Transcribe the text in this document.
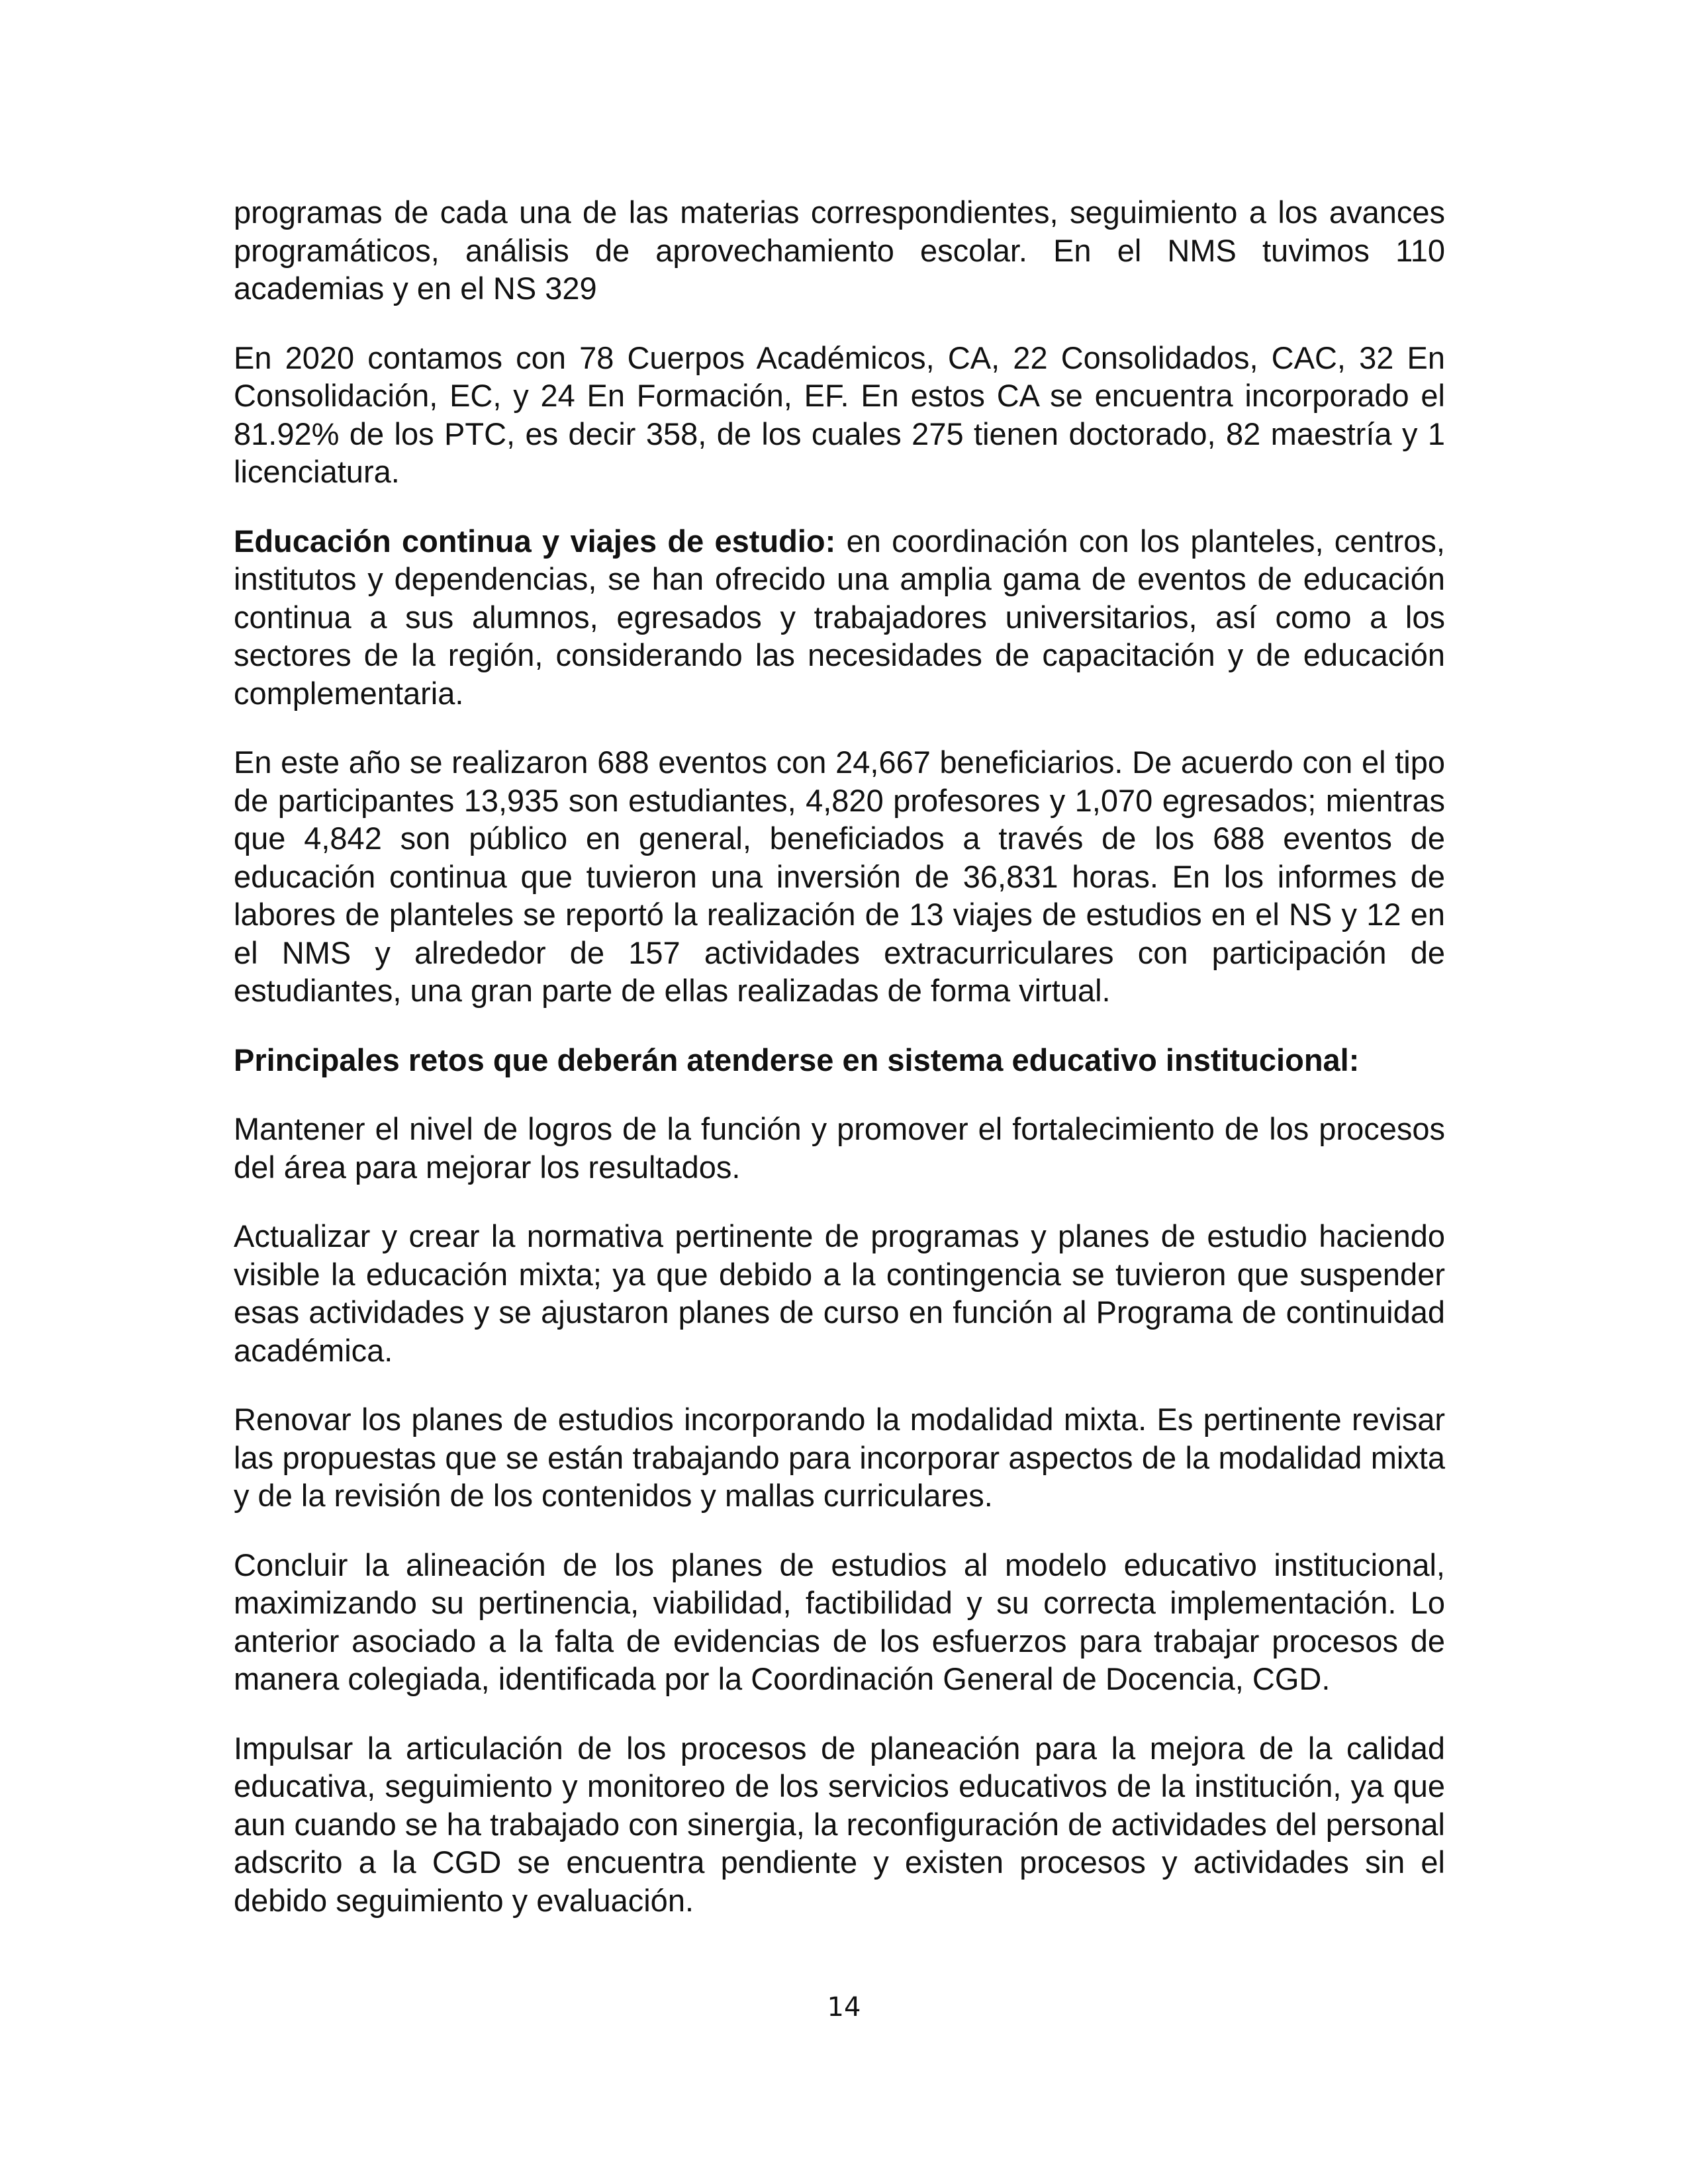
programas de cada una de las materias correspondientes, seguimiento a los avances programáticos, análisis de aprovechamiento escolar. En el NMS tuvimos 110 academias y en el NS 329

En 2020 contamos con 78 Cuerpos Académicos, CA, 22 Consolidados, CAC, 32 En Consolidación, EC, y 24 En Formación, EF. En estos CA se encuentra incorporado el 81.92% de los PTC, es decir 358, de los cuales 275 tienen doctorado, 82 maestría y 1 licenciatura.

Educación continua y viajes de estudio: en coordinación con los planteles, centros, institutos y dependencias, se han ofrecido una amplia gama de eventos de educación continua a sus alumnos, egresados y trabajadores universitarios, así como a los sectores de la región, considerando las necesidades de capacitación y de educación complementaria.

En este año se realizaron 688 eventos con 24,667 beneficiarios. De acuerdo con el tipo de participantes 13,935 son estudiantes, 4,820 profesores y 1,070 egresados; mientras que 4,842 son público en general, beneficiados a través de los 688 eventos de educación continua que tuvieron una inversión de 36,831 horas. En los informes de labores de planteles se reportó la realización de 13 viajes de estudios en el NS y 12 en el NMS y alrededor de 157 actividades extracurriculares con participación de estudiantes, una gran parte de ellas realizadas de forma virtual.

Principales retos que deberán atenderse en sistema educativo institucional:

Mantener el nivel de logros de la función y promover el fortalecimiento de los procesos del área para mejorar los resultados.

Actualizar y crear la normativa pertinente de programas y planes de estudio haciendo visible la educación mixta; ya que debido a la contingencia se tuvieron que suspender esas actividades y se ajustaron planes de curso en función al Programa de continuidad académica.

Renovar los planes de estudios incorporando la modalidad mixta. Es pertinente revisar las propuestas que se están trabajando para incorporar aspectos de la modalidad mixta y de la revisión de los contenidos y mallas curriculares.

Concluir la alineación de los planes de estudios al modelo educativo institucional, maximizando su pertinencia, viabilidad, factibilidad y su correcta implementación. Lo anterior asociado a la falta de evidencias de los esfuerzos para trabajar procesos de manera colegiada, identificada por la Coordinación General de Docencia, CGD.

Impulsar la articulación de los procesos de planeación para la mejora de la calidad educativa, seguimiento y monitoreo de los servicios educativos de la institución, ya que aun cuando se ha trabajado con sinergia, la reconfiguración de actividades del personal adscrito a la CGD se encuentra pendiente y existen procesos y actividades sin el debido seguimiento y evaluación.

14
